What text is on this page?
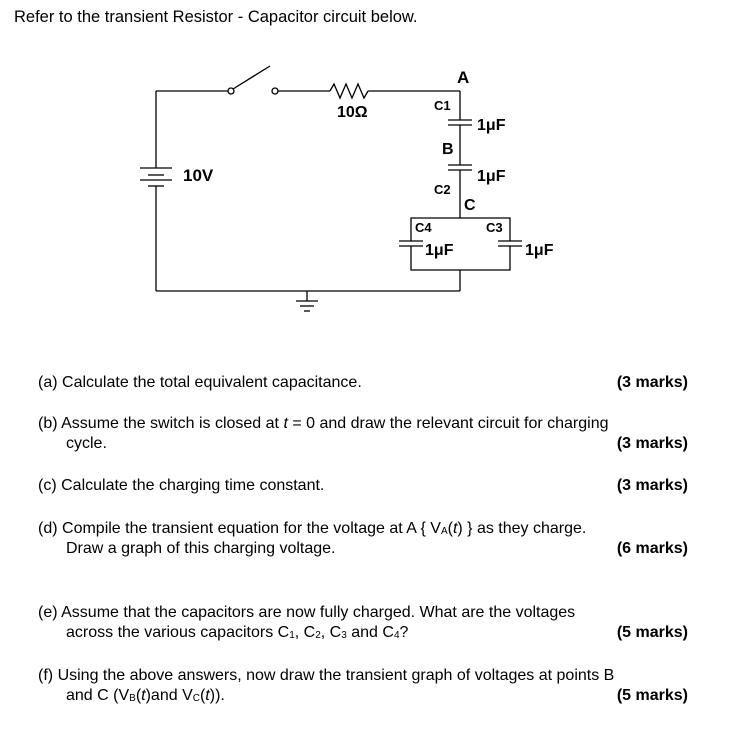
Refer to the transient Resistor - Capacitor circuit below.
10V
10Ω
A
C1
1μF
B
1μF
C2
C
C4	C3
1μF	1μF
(a) Calculate the total equivalent capacitance.	(3 marks)
(b) Assume the switch is closed at t = 0 and draw the relevant circuit for charging
cycle.	(3 marks)
(c) Calculate the charging time constant.	(3 marks)
(d) Compile the transient equation for the voltage at A { $V_A(t)$ } as they charge.
Draw a graph of this charging voltage.	(6 marks)
(e) Assume that the capacitors are now fully charged. What are the voltages
across the various capacitors $C_1$, $C_2$, $C_3$ and $C_4$?	(5 marks)
(f) Using the above answers, now draw the transient graph of voltages at points B
and C ($V_B(t)and$ $V_C(t)$).	(5 marks)
